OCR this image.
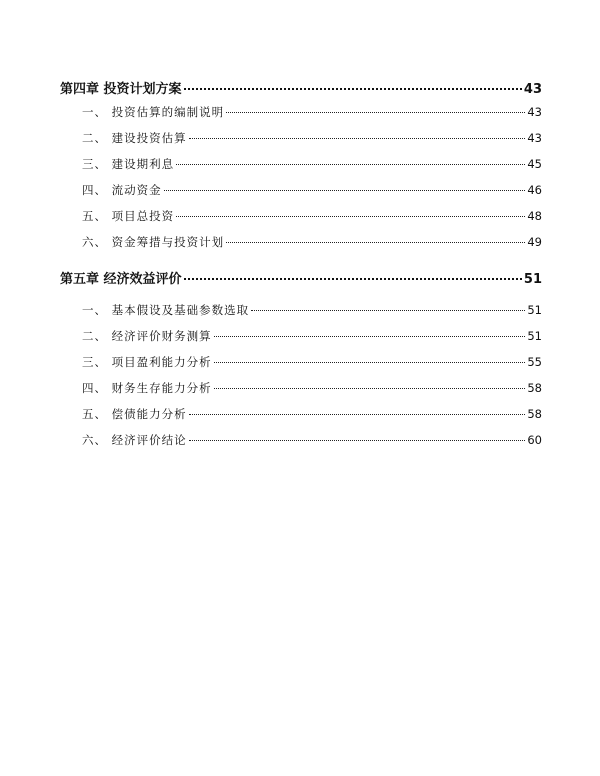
第四章 投资计划方案	43
一、 投资估算的编制说明	43
二、 建设投资估算	43
三、 建设期利息	45
四、 流动资金	46
五、 项目总投资	48
六、 资金筹措与投资计划	49
第五章 经济效益评价	51
一、 基本假设及基础参数选取	51
二、 经济评价财务测算	51
三、 项目盈利能力分析	55
四、 财务生存能力分析	58
五、 偿债能力分析	58
六、 经济评价结论	60
